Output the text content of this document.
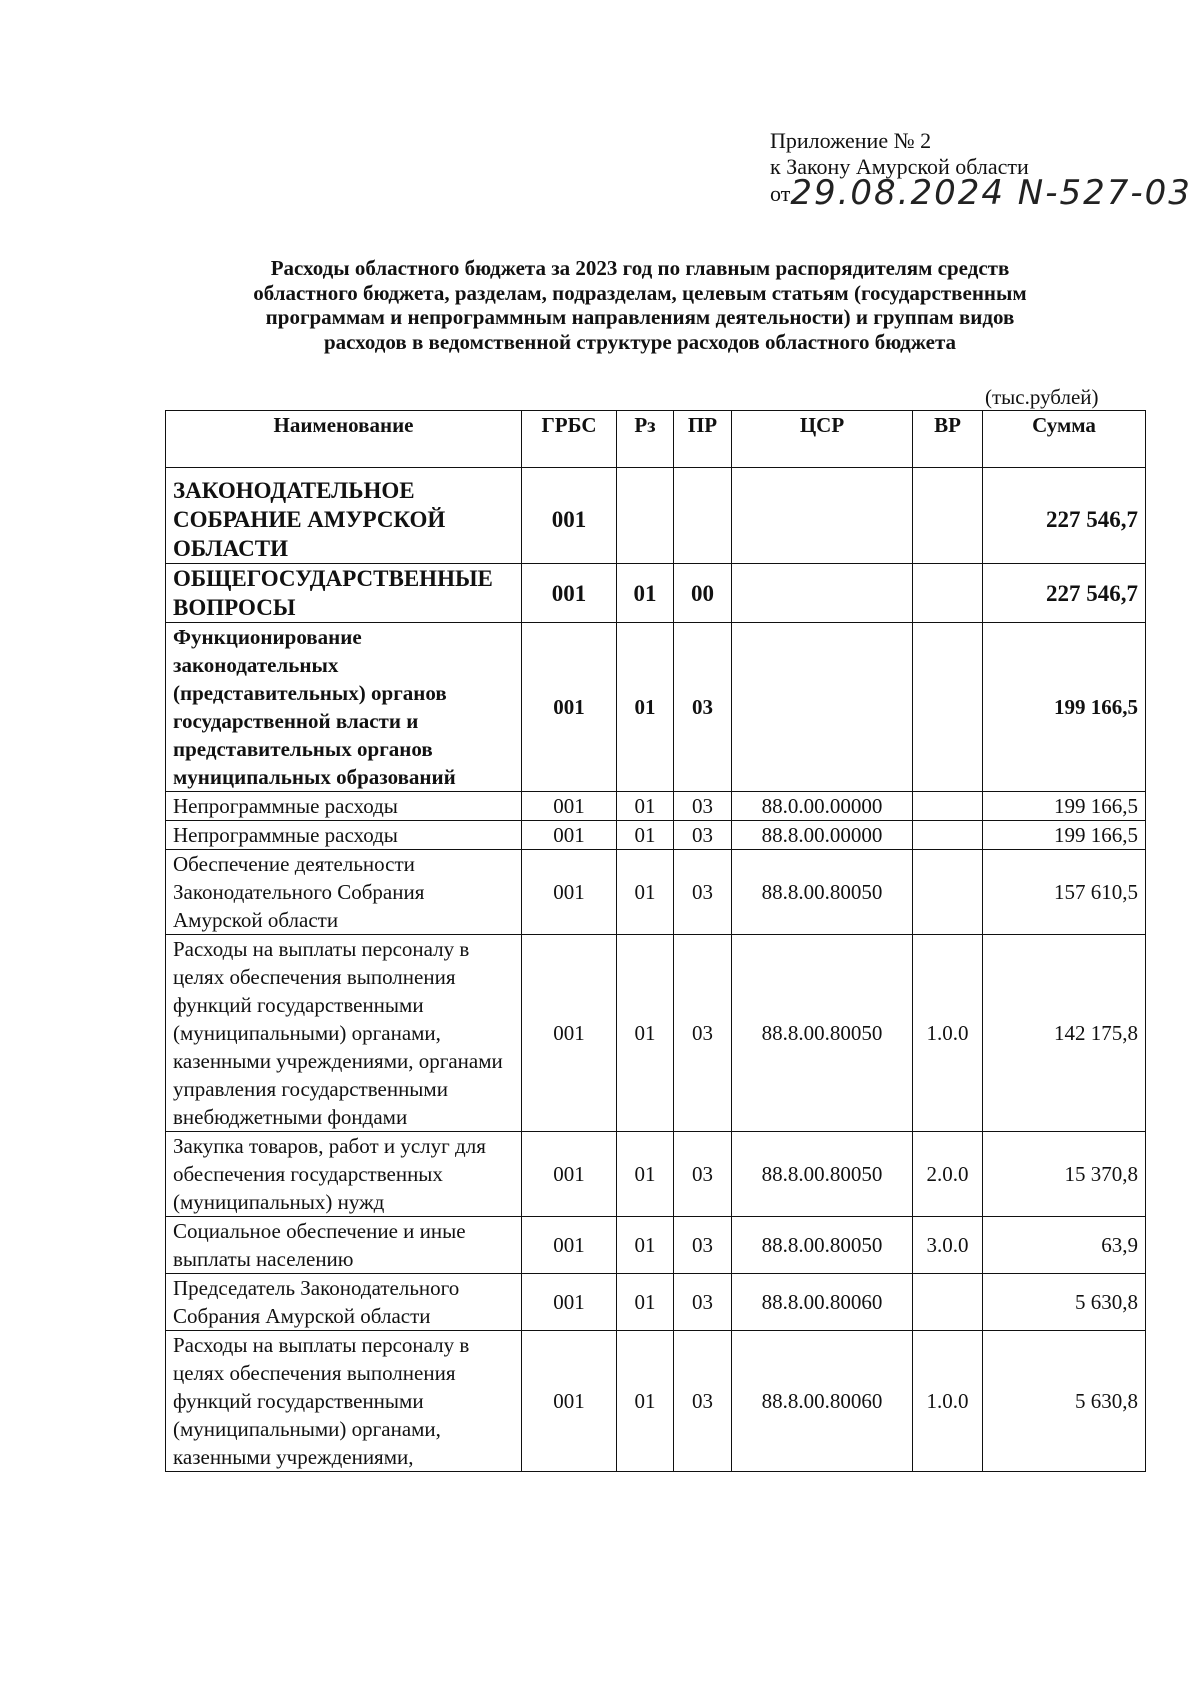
Приложение № 2
к Закону Амурской области
от29.08.2024 N-527-03
Расходы областного бюджета за 2023 год по главным распорядителям средств
областного бюджета, разделам, подразделам, целевым статьям (государственным
программам и непрограммным направлениям деятельности) и группам видов
расходов в ведомственной структуре расходов областного бюджета
(тыс.рублей)
Наименование	ГРБС	Рз	ПР	ЦСР	ВР	Сумма
ЗАКОНОДАТЕЛЬНОЕ СОБРАНИЕ АМУРСКОЙ ОБЛАСТИ	001					227 546,7
ОБЩЕГОСУДАРСТВЕННЫЕ ВОПРОСЫ	001	01	00			227 546,7
Функционирование законодательных (представительных) органов государственной власти и представительных органов муниципальных образований	001	01	03			199 166,5
Непрограммные расходы	001	01	03	88.0.00.00000		199 166,5
Непрограммные расходы	001	01	03	88.8.00.00000		199 166,5
Обеспечение деятельности Законодательного Собрания Амурской области	001	01	03	88.8.00.80050		157 610,5
Расходы на выплаты персоналу в целях обеспечения выполнения функций государственными (муниципальными) органами, казенными учреждениями, органами управления государственными внебюджетными фондами	001	01	03	88.8.00.80050	1.0.0	142 175,8
Закупка товаров, работ и услуг для обеспечения государственных (муниципальных) нужд	001	01	03	88.8.00.80050	2.0.0	15 370,8
Социальное обеспечение и иные выплаты населению	001	01	03	88.8.00.80050	3.0.0	63,9
Председатель Законодательного Собрания Амурской области	001	01	03	88.8.00.80060		5 630,8
Расходы на выплаты персоналу в целях обеспечения выполнения функций государственными (муниципальными) органами, казенными учреждениями,	001	01	03	88.8.00.80060	1.0.0	5 630,8
